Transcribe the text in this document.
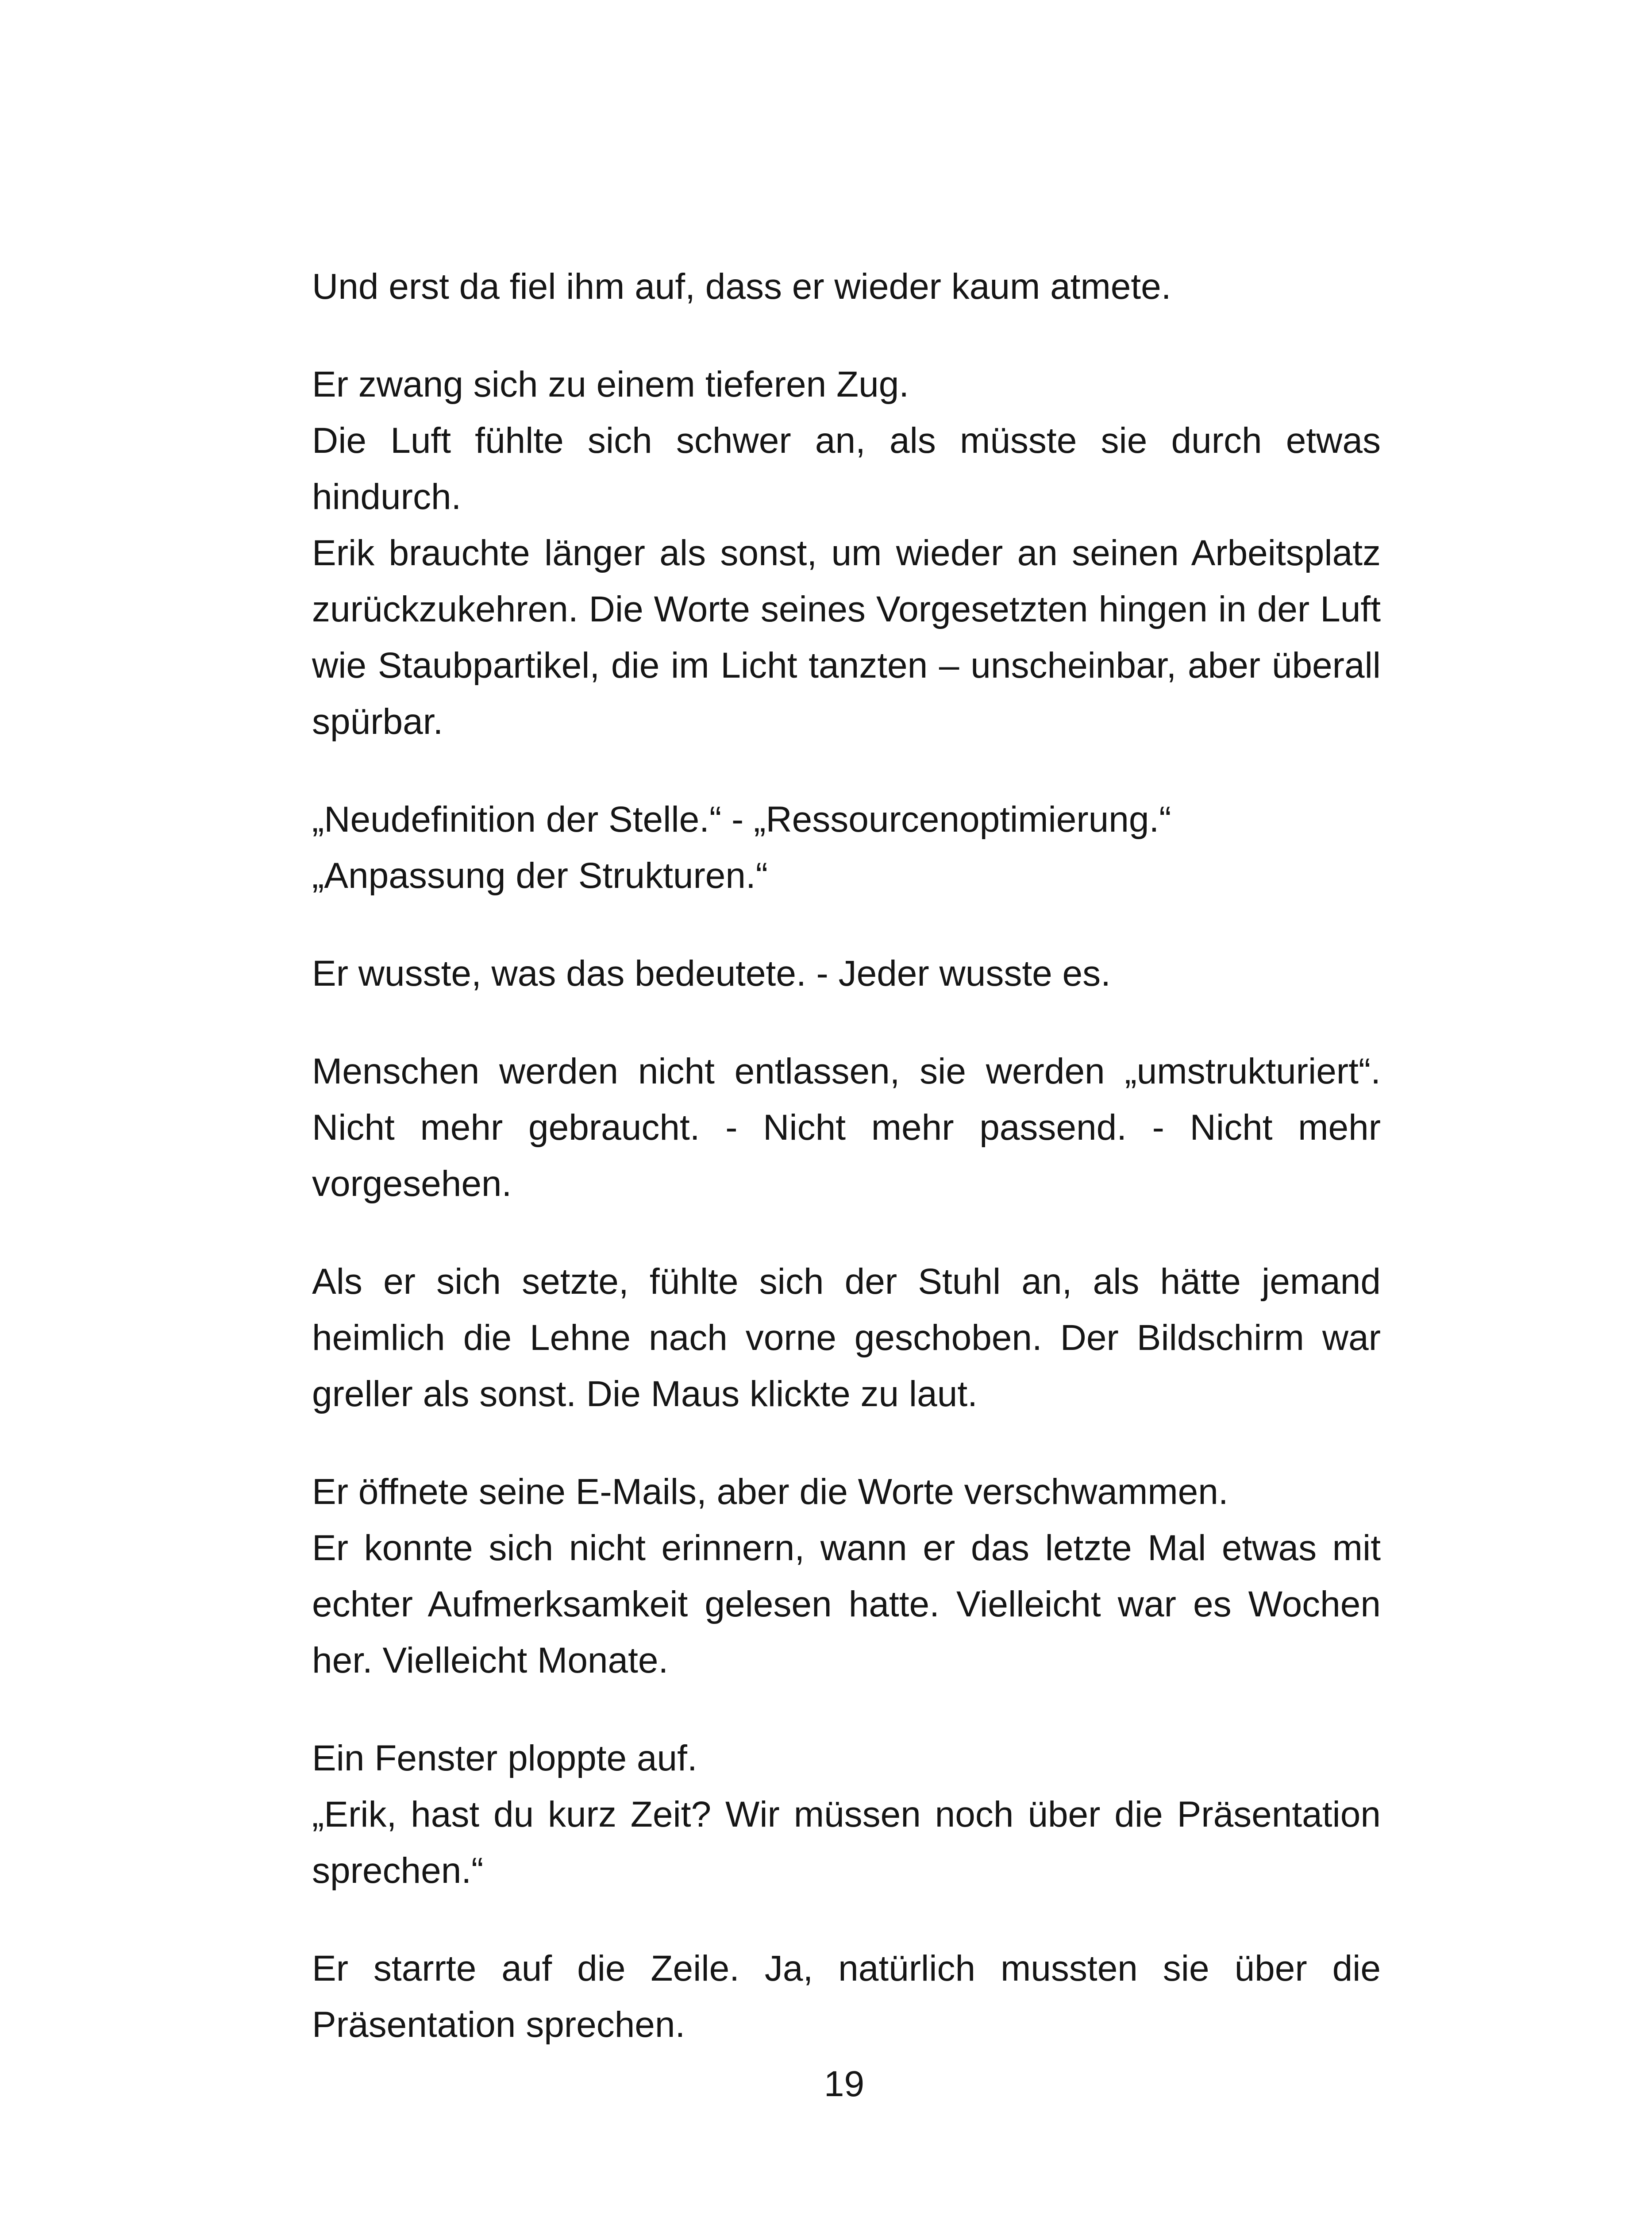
Und erst da fiel ihm auf, dass er wieder kaum atmete.
Er zwang sich zu einem tieferen Zug.
Die Luft fühlte sich schwer an, als müsste sie durch etwas hindurch.
Erik brauchte länger als sonst, um wieder an seinen Arbeitsplatz zurückzukehren. Die Worte seines Vorgesetzten hingen in der Luft wie Staubpartikel, die im Licht tanzten – unscheinbar, aber überall spürbar.
„Neudefinition der Stelle.“ - „Ressourcenoptimierung.“
„Anpassung der Strukturen.“
Er wusste, was das bedeutete. - Jeder wusste es.
Menschen werden nicht entlassen, sie werden „umstrukturiert“. Nicht mehr gebraucht. - Nicht mehr passend. - Nicht mehr vorgesehen.
Als er sich setzte, fühlte sich der Stuhl an, als hätte jemand heimlich die Lehne nach vorne geschoben. Der Bildschirm war greller als sonst. Die Maus klickte zu laut.
Er öffnete seine E-Mails, aber die Worte verschwammen.
Er konnte sich nicht erinnern, wann er das letzte Mal etwas mit echter Aufmerksamkeit gelesen hatte. Vielleicht war es Wochen her. Vielleicht Monate.
Ein Fenster ploppte auf.
„Erik, hast du kurz Zeit? Wir müssen noch über die Präsentation sprechen.“
Er starrte auf die Zeile. Ja, natürlich mussten sie über die Präsentation sprechen.
19
